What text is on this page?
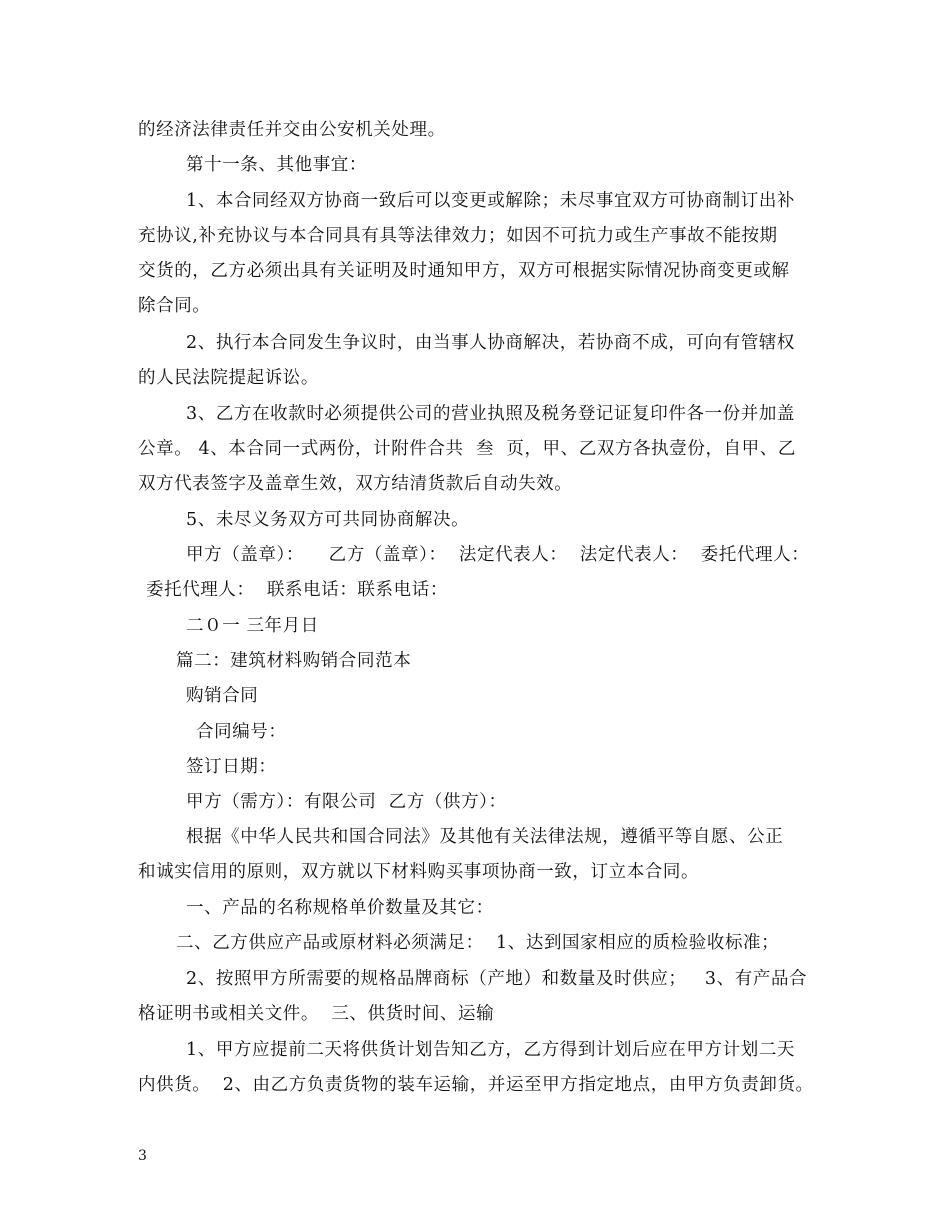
的经济法律责任并交由公安机关处理。
第十一条、其他事宜：
1、本合同经双方协商一致后可以变更或解除；未尽事宜双方可协商制订出补
充协议,补充协议与本合同具有具等法律效力；如因不可抗力或生产事故不能按期
交货的，乙方必须出具有关证明及时通知甲方，双方可根据实际情况协商变更或解
除合同。
2、执行本合同发生争议时，由当事人协商解决，若协商不成，可向有管辖权
的人民法院提起诉讼。
3、乙方在收款时必须提供公司的营业执照及税务登记证复印件各一份并加盖
公章。 4、本合同一式两份，计附件合共  叁  页，甲、乙双方各执壹份，自甲、乙
双方代表签字及盖章生效，双方结清货款后自动失效。
5、未尽义务双方可共同协商解决。
甲方（盖章）：    乙方（盖章）：  法定代表人：  法定代表人：  委托代理人：
委托代理人：  联系电话：联系电话：
二０一 三年月日
篇二：建筑材料购销合同范本
购销合同
合同编号：
签订日期：
甲方（需方）：有限公司  乙方（供方）：
根据《中华人民共和国合同法》及其他有关法律法规，遵循平等自愿、公正
和诚实信用的原则，双方就以下材料购买事项协商一致，订立本合同。
一、产品的名称规格单价数量及其它：
二、乙方供应产品或原材料必须满足：  1、达到国家相应的质检验收标准；
2、按照甲方所需要的规格品牌商标（产地）和数量及时供应；   3、有产品合
格证明书或相关文件。  三、供货时间、运输
1、甲方应提前二天将供货计划告知乙方，乙方得到计划后应在甲方计划二天
内供货。  2、由乙方负责货物的装车运输，并运至甲方指定地点，由甲方负责卸货。
3
